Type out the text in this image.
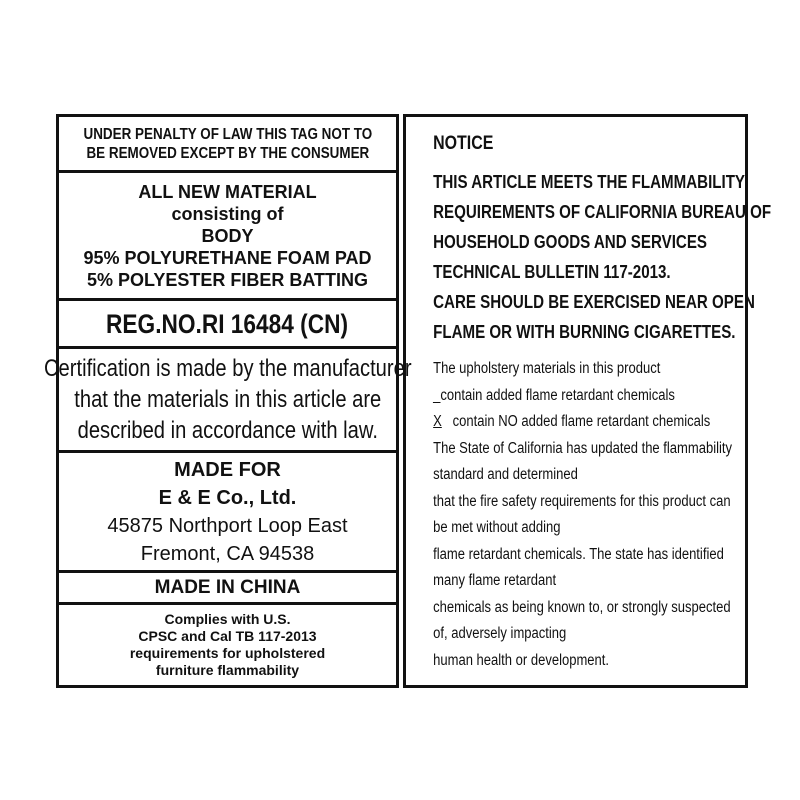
UNDER PENALTY OF LAW THIS TAG NOT TO
BE REMOVED EXCEPT BY THE CONSUMER
ALL NEW MATERIAL
consisting of
BODY
95% POLYURETHANE FOAM PAD
5% POLYESTER FIBER BATTING
REG.NO.RI 16484 (CN)
Certification is made by the manufacturer
that the materials in this article are
described in accordance with law.
MADE FOR
E & E Co., Ltd.
45875 Northport Loop East
Fremont, CA 94538
MADE IN CHINA
Complies with U.S.
CPSC and Cal TB 117-2013
requirements for upholstered
furniture flammability
NOTICE
THIS ARTICLE MEETS THE FLAMMABILITY
REQUIREMENTS OF CALIFORNIA BUREAU OF
HOUSEHOLD GOODS AND SERVICES
TECHNICAL BULLETIN 117-2013.
CARE SHOULD BE EXERCISED NEAR OPEN
FLAME OR WITH BURNING CIGARETTES.
The upholstery materials in this product
_contain added flame retardant chemicals
X contain NO added flame retardant chemicals
The State of California has updated the flammability
standard and determined
that the fire safety requirements for this product can
be met without adding
flame retardant chemicals. The state has identified
many flame retardant
chemicals as being known to, or strongly suspected
of, adversely impacting
human health or development.
